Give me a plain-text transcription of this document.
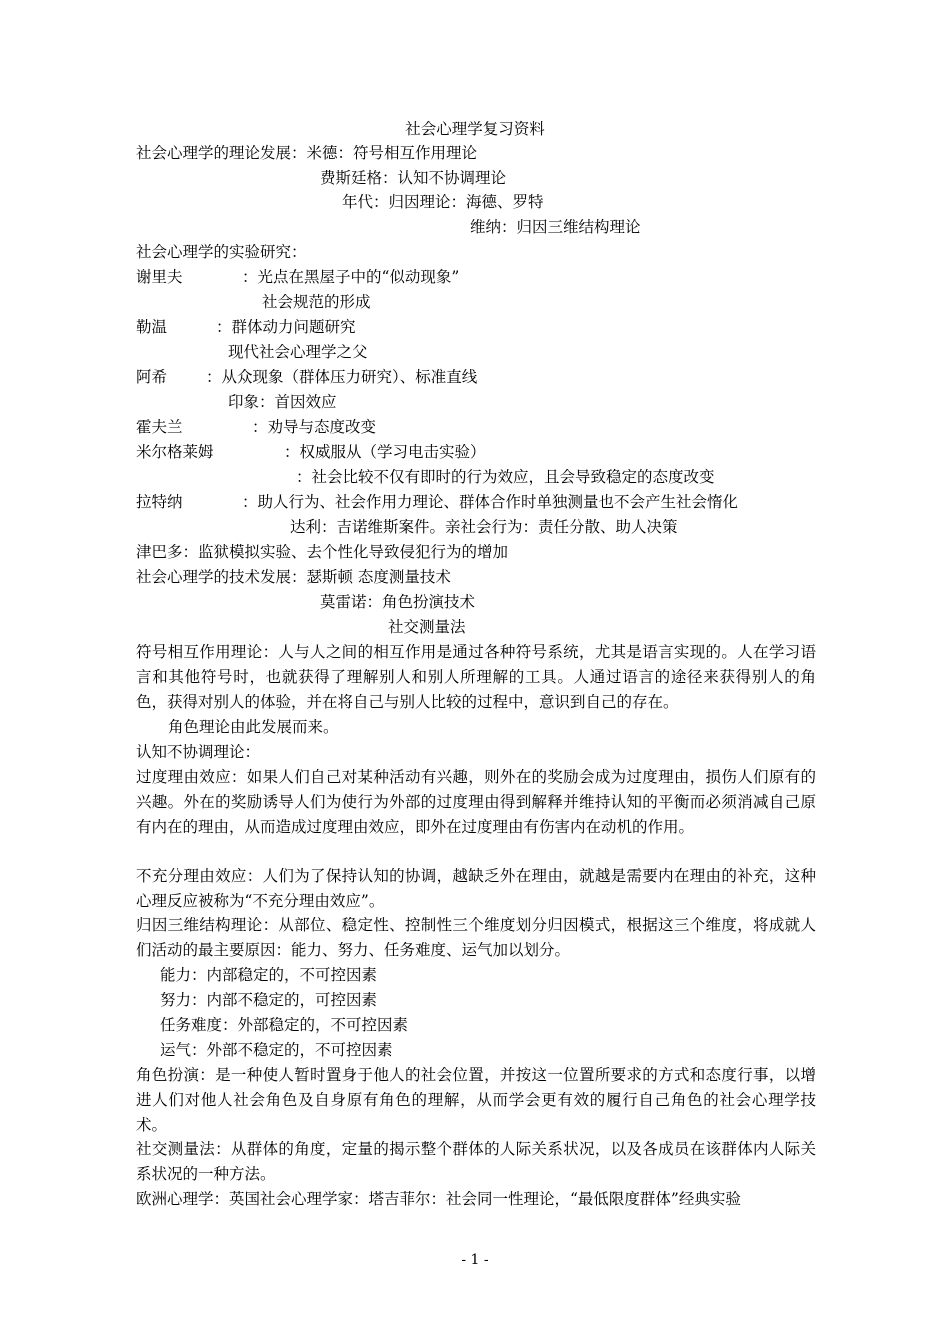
社会心理学复习资料
社会心理学的理论发展：米德：符号相互作用理论
费斯廷格：认知不协调理论
年代：归因理论：海德、罗特
维纳：归因三维结构理论
社会心理学的实验研究：
谢里夫	：光点在黑屋子中的“似动现象”
社会规范的形成
勒温	：群体动力问题研究
现代社会心理学之父
阿希	：从众现象（群体压力研究）、标准直线
印象：首因效应
霍夫兰	：劝导与态度改变
米尔格莱姆	：权威服从（学习电击实验）
：社会比较不仅有即时的行为效应，且会导致稳定的态度改变
拉特纳	：助人行为、社会作用力理论、群体合作时单独测量也不会产生社会惰化
达利：吉诺维斯案件。亲社会行为：责任分散、助人决策
津巴多：监狱模拟实验、去个性化导致侵犯行为的增加
社会心理学的技术发展：瑟斯顿 态度测量技术
莫雷诺：角色扮演技术
社交测量法
符号相互作用理论：人与人之间的相互作用是通过各种符号系统，尤其是语言实现的。人在学习语言和其他符号时，也就获得了理解别人和别人所理解的工具。人通过语言的途径来获得别人的角色，获得对别人的体验，并在将自己与别人比较的过程中，意识到自己的存在。
角色理论由此发展而来。
认知不协调理论：
过度理由效应：如果人们自己对某种活动有兴趣，则外在的奖励会成为过度理由，损伤人们原有的兴趣。外在的奖励诱导人们为使行为外部的过度理由得到解释并维持认知的平衡而必须消减自己原有内在的理由，从而造成过度理由效应，即外在过度理由有伤害内在动机的作用。
不充分理由效应：人们为了保持认知的协调，越缺乏外在理由，就越是需要内在理由的补充，这种心理反应被称为“不充分理由效应”。
归因三维结构理论：从部位、稳定性、控制性三个维度划分归因模式，根据这三个维度，将成就人们活动的最主要原因：能力、努力、任务难度、运气加以划分。
能力：内部稳定的，不可控因素
努力：内部不稳定的，可控因素
任务难度：外部稳定的，不可控因素
运气：外部不稳定的，不可控因素
角色扮演：是一种使人暂时置身于他人的社会位置，并按这一位置所要求的方式和态度行事，以增进人们对他人社会角色及自身原有角色的理解，从而学会更有效的履行自己角色的社会心理学技术。
社交测量法：从群体的角度，定量的揭示整个群体的人际关系状况，以及各成员在该群体内人际关系状况的一种方法。
欧洲心理学：英国社会心理学家：塔吉菲尔：社会同一性理论，“最低限度群体”经典实验
- 1 -
